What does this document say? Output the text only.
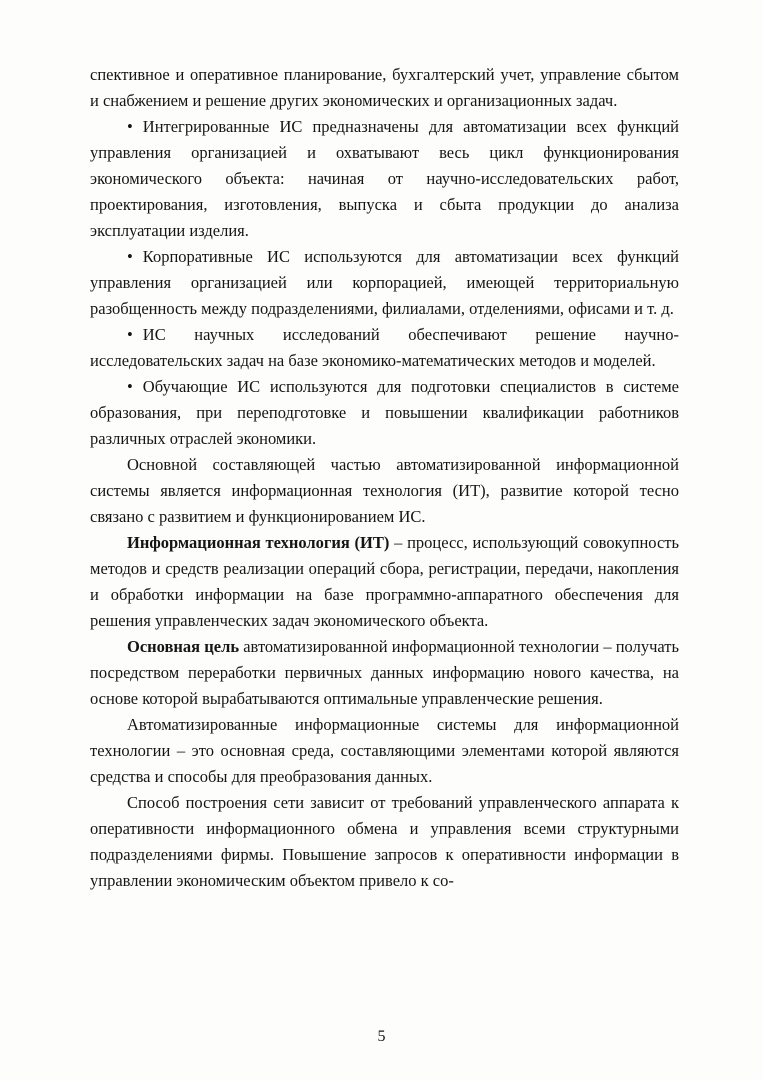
спективное и оперативное планирование, бухгалтерский учет, управление сбытом и снабжением и решение других экономических и организационных задач.

• Интегрированные ИС предназначены для автоматизации всех функций управления организацией и охватывают весь цикл функционирования экономического объекта: начиная от научно-исследовательских работ, проектирования, изготовления, выпуска и сбыта продукции до анализа эксплуатации изделия.

• Корпоративные ИС используются для автоматизации всех функций управления организацией или корпорацией, имеющей территориальную разобщенность между подразделениями, филиалами, отделениями, офисами и т. д.

• ИС научных исследований обеспечивают решение научно-исследовательских задач на базе экономико-математических методов и моделей.

• Обучающие ИС используются для подготовки специалистов в системе образования, при переподготовке и повышении квалификации работников различных отраслей экономики.

Основной составляющей частью автоматизированной информационной системы является информационная технология (ИТ), развитие которой тесно связано с развитием и функционированием ИС.

Информационная технология (ИТ) – процесс, использующий совокупность методов и средств реализации операций сбора, регистрации, передачи, накопления и обработки информации на базе программно-аппаратного обеспечения для решения управленческих задач экономического объекта.

Основная цель автоматизированной информационной технологии – получать посредством переработки первичных данных информацию нового качества, на основе которой вырабатываются оптимальные управленческие решения.

Автоматизированные информационные системы для информационной технологии – это основная среда, составляющими элементами которой являются средства и способы для преобразования данных.

Способ построения сети зависит от требований управленческого аппарата к оперативности информационного обмена и управления всеми структурными подразделениями фирмы. Повышение запросов к оперативности информации в управлении экономическим объектом привело к со-

5
